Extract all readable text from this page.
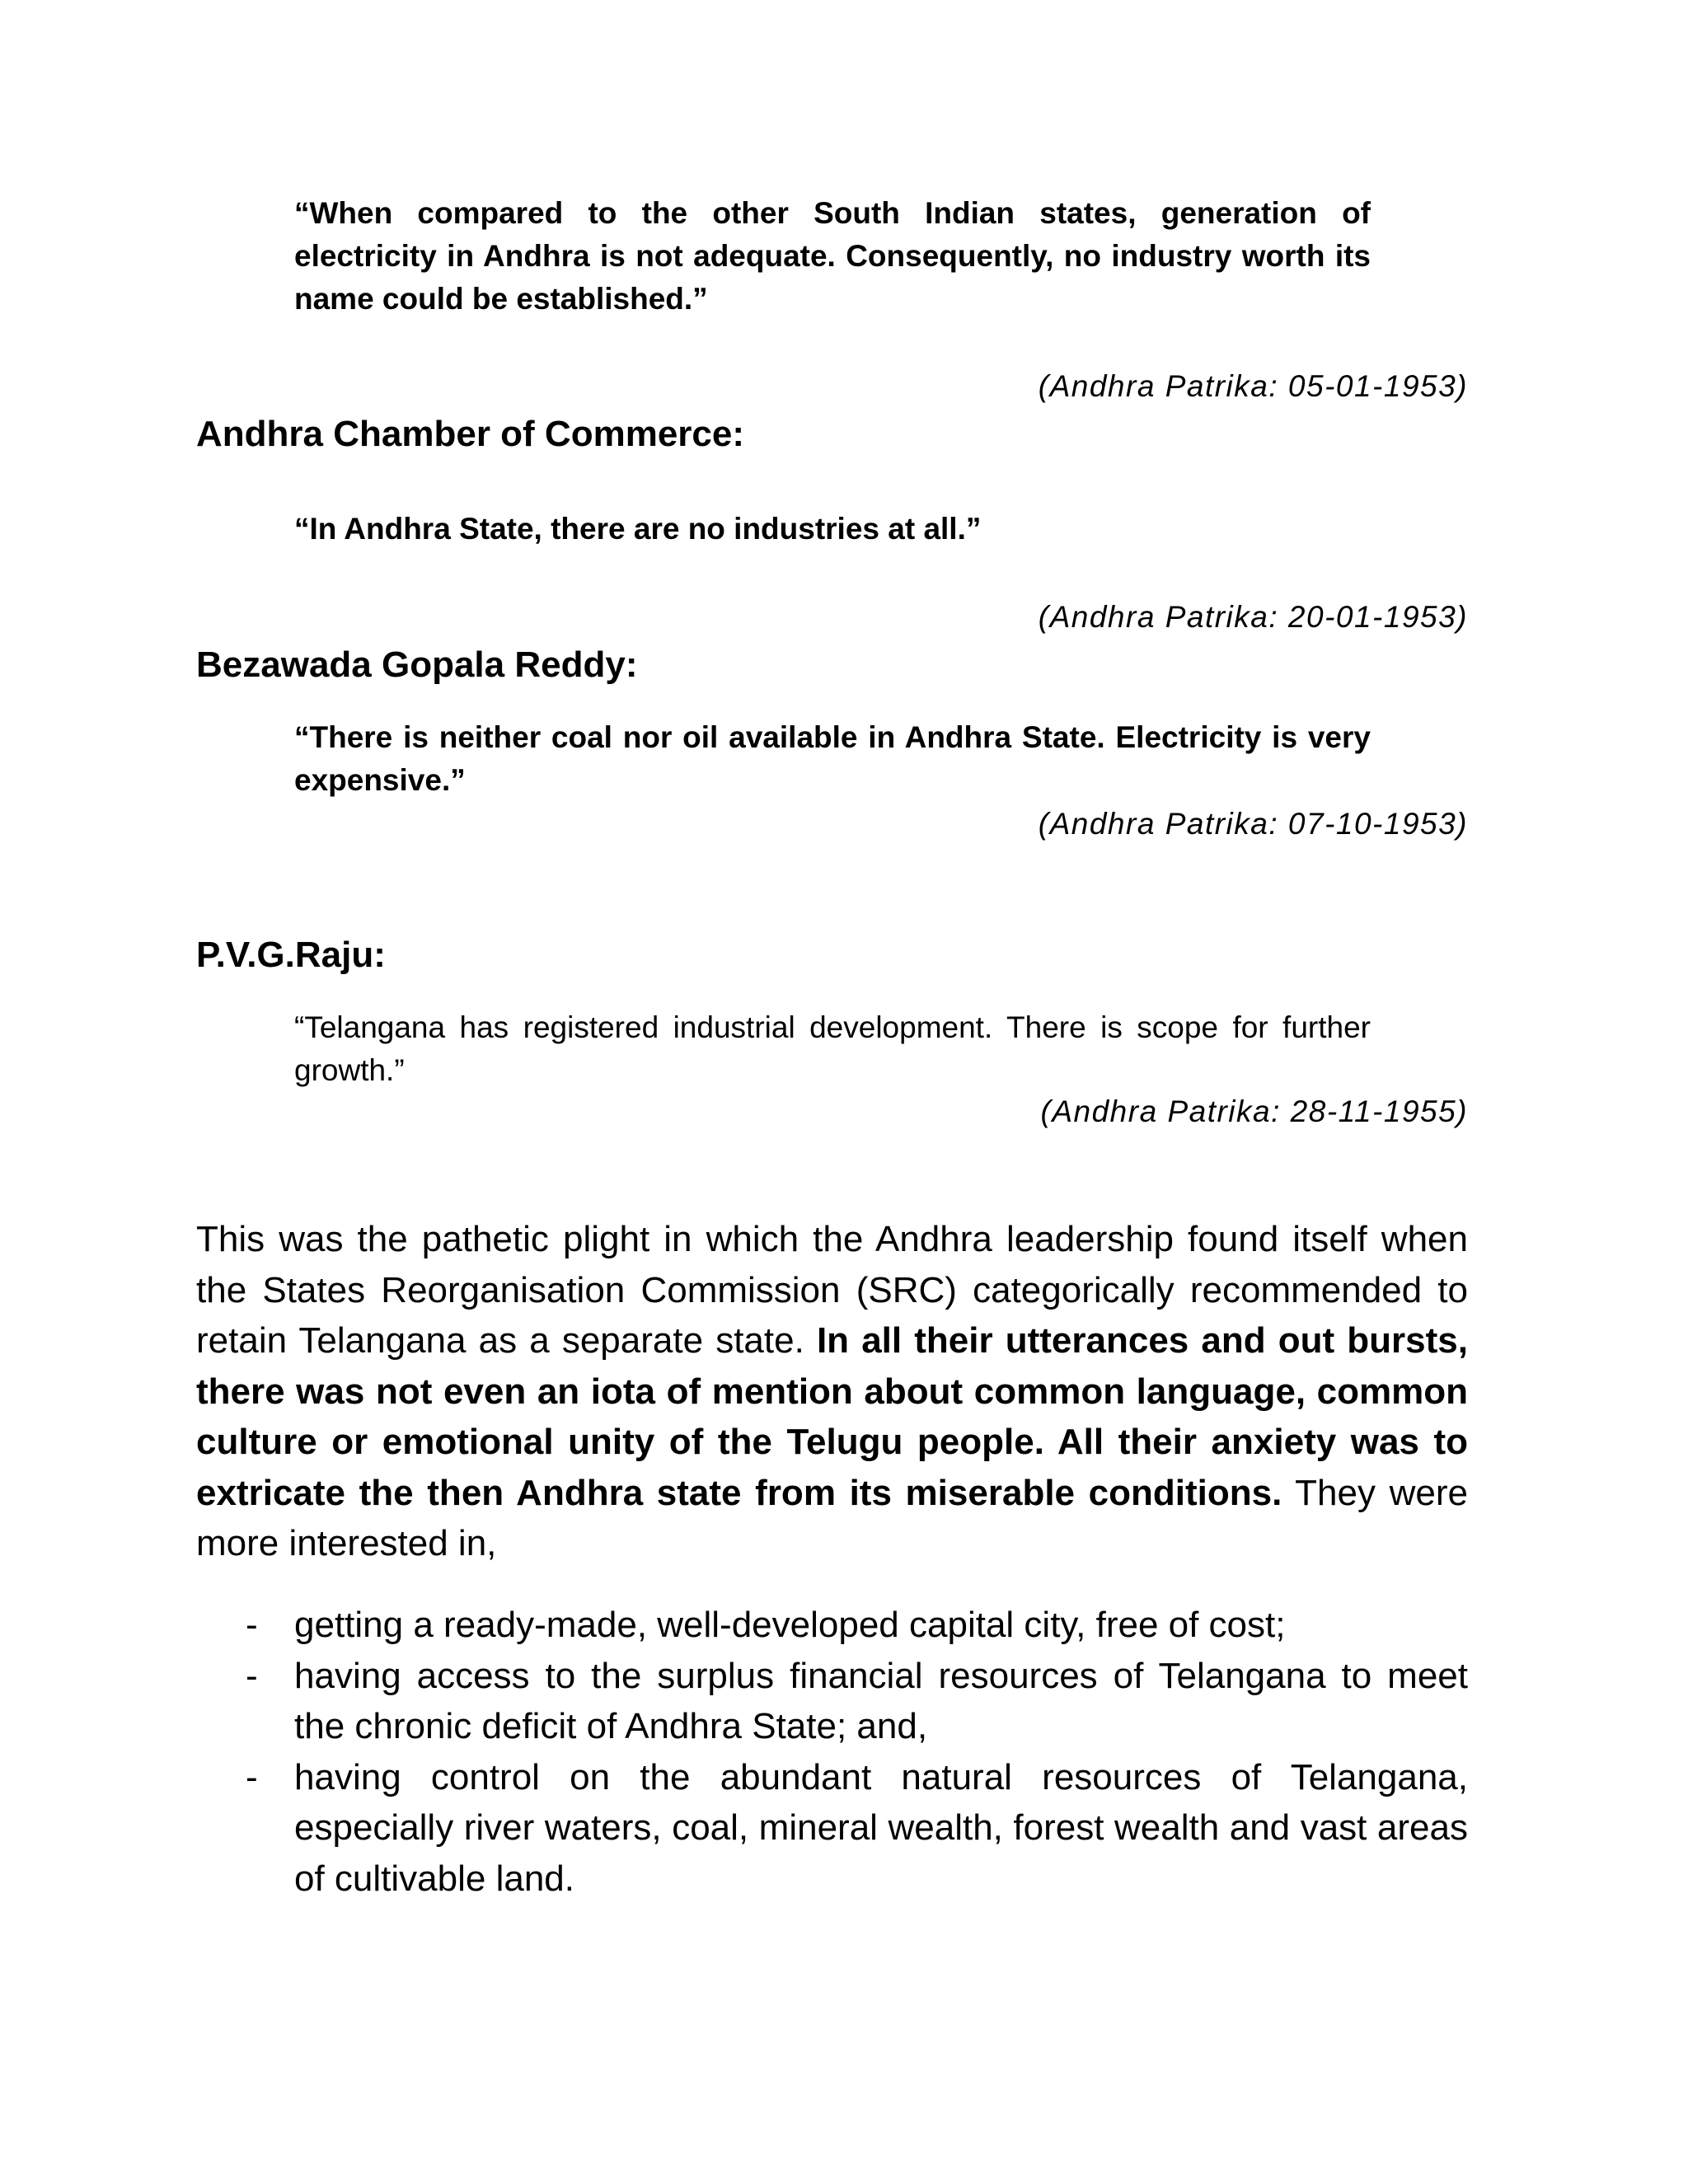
“When compared to the other South Indian states, generation of electricity in Andhra is not adequate. Consequently, no industry worth its name could be established.”

(Andhra Patrika: 05-01-1953)

Andhra Chamber of Commerce:

“In Andhra State, there are no industries at all.”

(Andhra Patrika: 20-01-1953)

Bezawada Gopala Reddy:

“There is neither coal nor oil available in Andhra State. Electricity is very expensive.”

(Andhra Patrika: 07-10-1953)

P.V.G.Raju:

“Telangana has registered industrial development. There is scope for further growth.”

(Andhra Patrika: 28-11-1955)

This was the pathetic plight in which the Andhra leadership found itself when the States Reorganisation Commission (SRC) categorically recommended to retain Telangana as a separate state. In all their utterances and out bursts, there was not even an iota of mention about common language, common culture or emotional unity of the Telugu people. All their anxiety was to extricate the then Andhra state from its miserable conditions. They were more interested in,

- getting a ready-made, well-developed capital city, free of cost;
- having access to the surplus financial resources of Telangana to meet the chronic deficit of Andhra State; and,
- having control on the abundant natural resources of Telangana, especially river waters, coal, mineral wealth, forest wealth and vast areas of cultivable land.
